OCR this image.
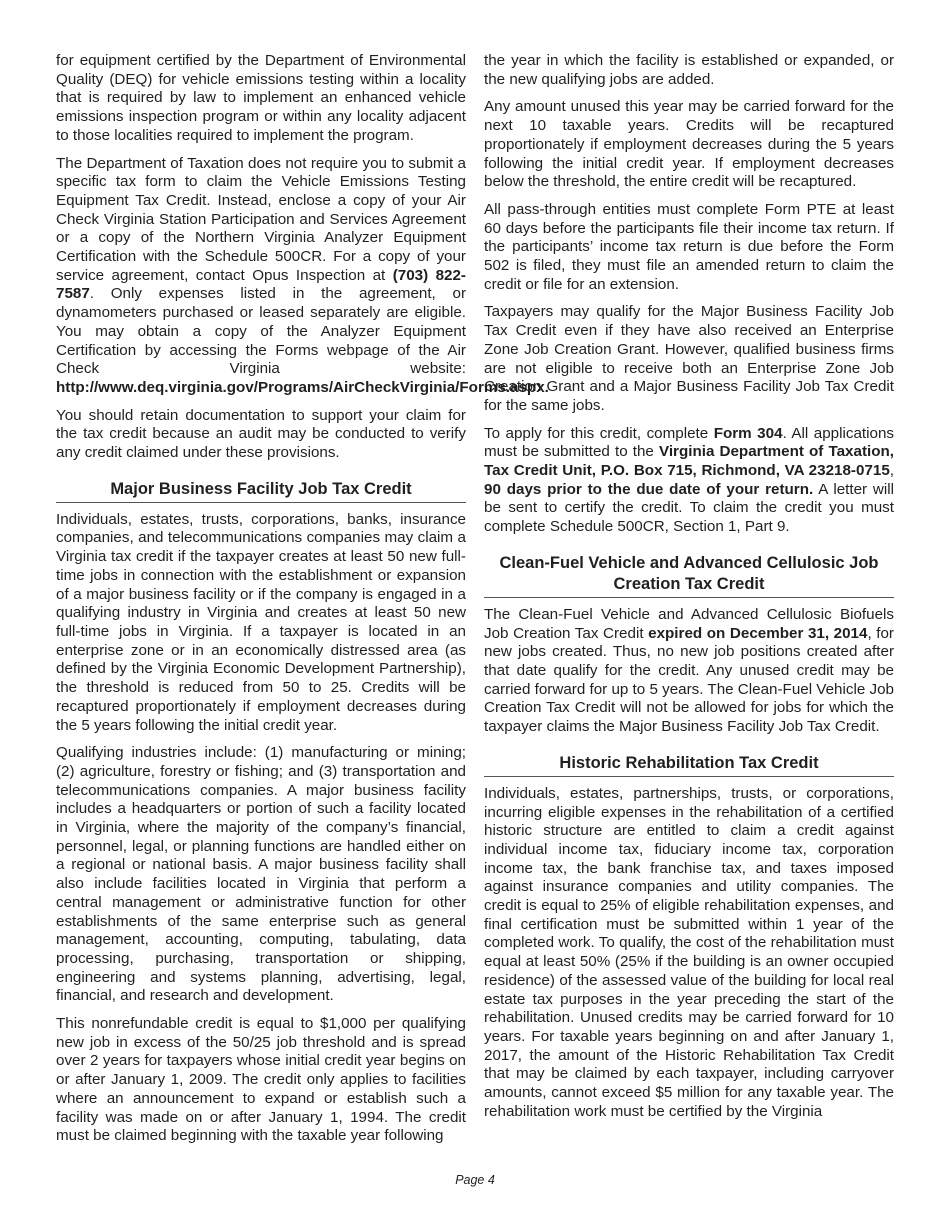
for equipment certified by the Department of Environmental Quality (DEQ) for vehicle emissions testing within a locality that is required by law to implement an enhanced vehicle emissions inspection program or within any locality adjacent to those localities required to implement the program.

The Department of Taxation does not require you to submit a specific tax form to claim the Vehicle Emissions Testing Equipment Tax Credit. Instead, enclose a copy of your Air Check Virginia Station Participation and Services Agreement or a copy of the Northern Virginia Analyzer Equipment Certification with the Schedule 500CR. For a copy of your service agreement, contact Opus Inspection at (703) 822-7587. Only expenses listed in the agreement, or dynamometers purchased or leased separately are eligible. You may obtain a copy of the Analyzer Equipment Certification by accessing the Forms webpage of the Air Check Virginia website: http://www.deq.virginia.gov/Programs/AirCheckVirginia/Forms.aspx.

You should retain documentation to support your claim for the tax credit because an audit may be conducted to verify any credit claimed under these provisions.

Major Business Facility Job Tax Credit

Individuals, estates, trusts, corporations, banks, insurance companies, and telecommunications companies may claim a Virginia tax credit if the taxpayer creates at least 50 new full-time jobs in connection with the establishment or expansion of a major business facility or if the company is engaged in a qualifying industry in Virginia and creates at least 50 new full-time jobs in Virginia. If a taxpayer is located in an enterprise zone or in an economically distressed area (as defined by the Virginia Economic Development Partnership), the threshold is reduced from 50 to 25. Credits will be recaptured proportionately if employment decreases during the 5 years following the initial credit year.

Qualifying industries include: (1) manufacturing or mining; (2) agriculture, forestry or fishing; and (3) transportation and telecommunications companies. A major business facility includes a headquarters or portion of such a facility located in Virginia, where the majority of the company’s financial, personnel, legal, or planning functions are handled either on a regional or national basis. A major business facility shall also include facilities located in Virginia that perform a central management or administrative function for other establishments of the same enterprise such as general management, accounting, computing, tabulating, data processing, purchasing, transportation or shipping, engineering and systems planning, advertising, legal, financial, and research and development.

This nonrefundable credit is equal to $1,000 per qualifying new job in excess of the 50/25 job threshold and is spread over 2 years for taxpayers whose initial credit year begins on or after January 1, 2009. The credit only applies to facilities where an announcement to expand or establish such a facility was made on or after January 1, 1994. The credit must be claimed beginning with the taxable year following

the year in which the facility is established or expanded, or the new qualifying jobs are added.

Any amount unused this year may be carried forward for the next 10 taxable years. Credits will be recaptured proportionately if employment decreases during the 5 years following the initial credit year. If employment decreases below the threshold, the entire credit will be recaptured.

All pass-through entities must complete Form PTE at least 60 days before the participants file their income tax return. If the participants’ income tax return is due before the Form 502 is filed, they must file an amended return to claim the credit or file for an extension.

Taxpayers may qualify for the Major Business Facility Job Tax Credit even if they have also received an Enterprise Zone Job Creation Grant. However, qualified business firms are not eligible to receive both an Enterprise Zone Job Creation Grant and a Major Business Facility Job Tax Credit for the same jobs.

To apply for this credit, complete Form 304. All applications must be submitted to the Virginia Department of Taxation, Tax Credit Unit, P.O. Box 715, Richmond, VA 23218-0715, 90 days prior to the due date of your return. A letter will be sent to certify the credit. To claim the credit you must complete Schedule 500CR, Section 1, Part 9.

Clean-Fuel Vehicle and Advanced Cellulosic Job Creation Tax Credit

The Clean-Fuel Vehicle and Advanced Cellulosic Biofuels Job Creation Tax Credit expired on December 31, 2014, for new jobs created. Thus, no new job positions created after that date qualify for the credit. Any unused credit may be carried forward for up to 5 years. The Clean-Fuel Vehicle Job Creation Tax Credit will not be allowed for jobs for which the taxpayer claims the Major Business Facility Job Tax Credit.

Historic Rehabilitation Tax Credit

Individuals, estates, partnerships, trusts, or corporations, incurring eligible expenses in the rehabilitation of a certified historic structure are entitled to claim a credit against individual income tax, fiduciary income tax, corporation income tax, the bank franchise tax, and taxes imposed against insurance companies and utility companies. The credit is equal to 25% of eligible rehabilitation expenses, and final certification must be submitted within 1 year of the completed work. To qualify, the cost of the rehabilitation must equal at least 50% (25% if the building is an owner occupied residence) of the assessed value of the building for local real estate tax purposes in the year preceding the start of the rehabilitation. Unused credits may be carried forward for 10 years. For taxable years beginning on and after January 1, 2017, the amount of the Historic Rehabilitation Tax Credit that may be claimed by each taxpayer, including carryover amounts, cannot exceed $5 million for any taxable year. The rehabilitation work must be certified by the Virginia

Page 4
